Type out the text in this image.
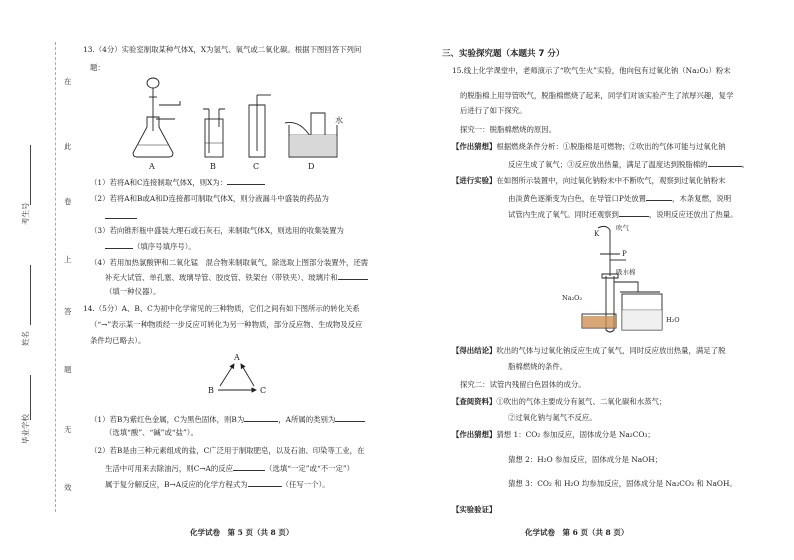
在
此
卷
上
答
题
无
效
考生号
姓名
毕业学校
13.（4分）实验室制取某种气体X，X为氢气、氧气或二氧化碳。根据下图回答下列问
题：
水
A	B	C	D
（1）若将A和C连接制取气体X，则X为：
（2）若将A和B或A和D连接都可制取气体X，则分液漏斗中盛装的药品为
（3）若向锥形瓶中盛装大理石或石灰石，来制取气体X，则选用的收集装置为
（填序号填序号）。
（4）若用加热氯酸钾和二氧化锰　混合物来制取氧气，除选取上图部分装置外，还需
补充大试管、单孔塞、玻璃导管、胶皮管、铁架台（带铁夹）、玻璃片和
（填一种仪器）。
14.（5分）A、B、C为初中化学常见的三种物质，它们之间有如下图所示的转化关系
（“→”表示某一种物质经一步反应可转化为另一种物质，部分反应物、生成物及反应
条件均已略去）。
A
B	C
（1）若B为紫红色金属，C为黑色固体，则B为	，A所属的类别为
（选填“酸”、“碱”或“盐”）。
（2）若B是由三种元素组成的盐，C广泛用于制取肥皂，以及石油、印染等工业，在
生活中可用来去除油污，则C→A的反应	（选填“一定”或“不一定”）
属于复分解反应，B→A反应的化学方程式为	（任写一个）。
化学试卷　第 5 页（共 8 页）
三、实验探究题（本题共 7 分）
15.线上化学课堂中，老师演示了“吹气生火”实验，他向包有过氧化钠（Na₂O₂）粉末
的脱脂棉上用导管吹气，脱脂棉燃烧了起来，同学们对该实验产生了浓厚兴趣，复学
后进行了如下探究。
探究一：脱脂棉燃烧的原因。
【作出猜想】根据燃烧条件分析：①脱脂棉是可燃物；②吹出的气体可能与过氧化钠
反应生成了氧气；③反应放出热量，满足了温度达到脱脂棉的	。
【进行实验】在如图所示装置中，向过氧化钠粉末中不断吹气，观察到过氧化钠粉末
由淡黄色逐渐变为白色，在导管口P处放置	，木条复燃，说明
试管内生成了氧气。同时还观察到	，说明反应还放出了热量。
K
P
吹气
吸水棉
Na₂O₂
H₂O
【得出结论】吹出的气体与过氧化钠反应生成了氧气，同时反应放出热量，满足了脱
脂棉燃烧的条件。
探究二：试管内残留白色固体的成分。
【查阅资料】①吹出的气体主要成分有氮气、二氧化碳和水蒸气；
②过氧化钠与氮气不反应。
【作出猜想】猜想 1：CO₂ 参加反应，固体成分是 Na₂CO₃；
猜想 2：H₂O 参加反应，固体成分是 NaOH；
猜想 3：CO₂ 和 H₂O 均参加反应，固体成分是 Na₂CO₃ 和 NaOH。
【实验验证】
化学试卷　第 6 页（共 8 页）
